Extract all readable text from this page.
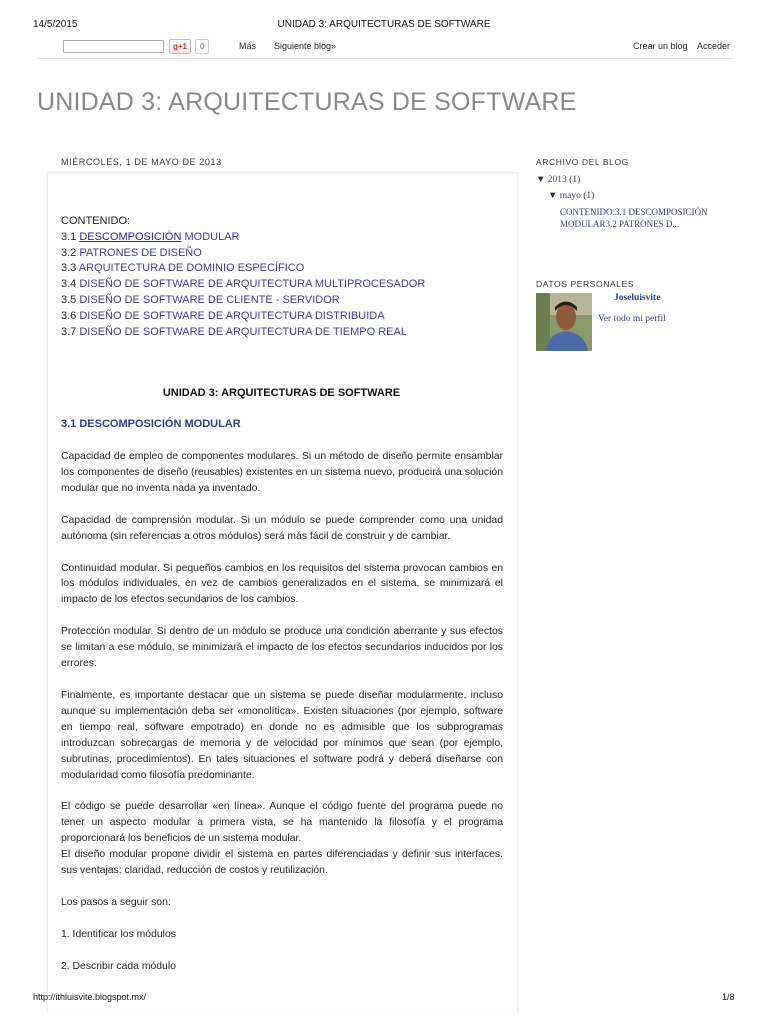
14/5/2015	UNIDAD 3: ARQUITECTURAS DE SOFTWARE
g+1	0	Más Siguiente blog»	Crear un blog Acceder
UNIDAD 3: ARQUITECTURAS DE SOFTWARE
MIÉRCOLES, 1 DE MAYO DE 2013
CONTENIDO:
3.1 DESCOMPOSICIÓN MODULAR
3.2 PATRONES DE DISEÑO
3.3 ARQUITECTURA DE DOMINIO ESPECÍFICO
3.4 DISEÑO DE SOFTWARE DE ARQUITECTURA MULTIPROCESADOR
3.5 DISEÑO DE SOFTWARE DE CLIENTE - SERVIDOR
3.6 DISEÑO DE SOFTWARE DE ARQUITECTURA DISTRIBUIDA
3.7 DISEÑO DE SOFTWARE DE ARQUITECTURA DE TIEMPO REAL
UNIDAD 3: ARQUITECTURAS DE SOFTWARE
3.1 DESCOMPOSICIÓN MODULAR

Capacidad de empleo de componentes modulares. Si un método de diseño permite ensamblar los componentes de diseño (reusables) existentes en un sistema nuevo, producirá una solución modular que no inventa nada ya inventado.

Capacidad de comprensión modular. Si un módulo se puede comprender como una unidad autónoma (sin referencias a otros módulos) será más fácil de construir y de cambiar.

Continuidad modular. Si pequeños cambios en los requisitos del sistema provocan cambios en los módulos individuales, en vez de cambios generalizados en el sistema, se minimizará el impacto de los efectos secundarios de los cambios.

Protección modular. Si dentro de un módulo se produce una condición aberrante y sus efectos se limitan a ese módulo, se minimizará el impacto de los efectos secundarios inducidos por los errores.

Finalmente, es importante destacar que un sistema se puede diseñar modularmente, incluso aunque su implementación deba ser «monolítica». Existen situaciones (por ejemplo, software en tiempo real, software empotrado) en donde no es admisible que los subprogramas introduzcan sobrecargas de memoria y de velocidad por mínimos que sean (por ejemplo, subrutinas, procedimientos). En tales situaciones el software podrá y deberá diseñarse con modularidad como filosofía predominante.

El código se puede desarrollar «en línea». Aunque el código fuente del programa puede no tener un aspecto modular a primera vista, se ha mantenido la filosofía y el programa proporcionará los beneficios de un sistema modular.

El diseño modular propone dividir el sistema en partes diferenciadas y definir sus interfaces. sus ventajas: claridad, reducción de costos y reutilización.

Los pasos a seguir son:

1. Identificar los módulos

2. Describir cada módulo

ARCHIVO DEL BLOG
▼ 2013 (1)
▼ mayo (1)
CONTENIDO:3.1 DESCOMPOSICIÓN MODULAR3.2 PATRONES D...
DATOS PERSONALES
Joseluisvite
Ver todo mi perfil
http://ithluisvite.blogspot.mx/	1/8
